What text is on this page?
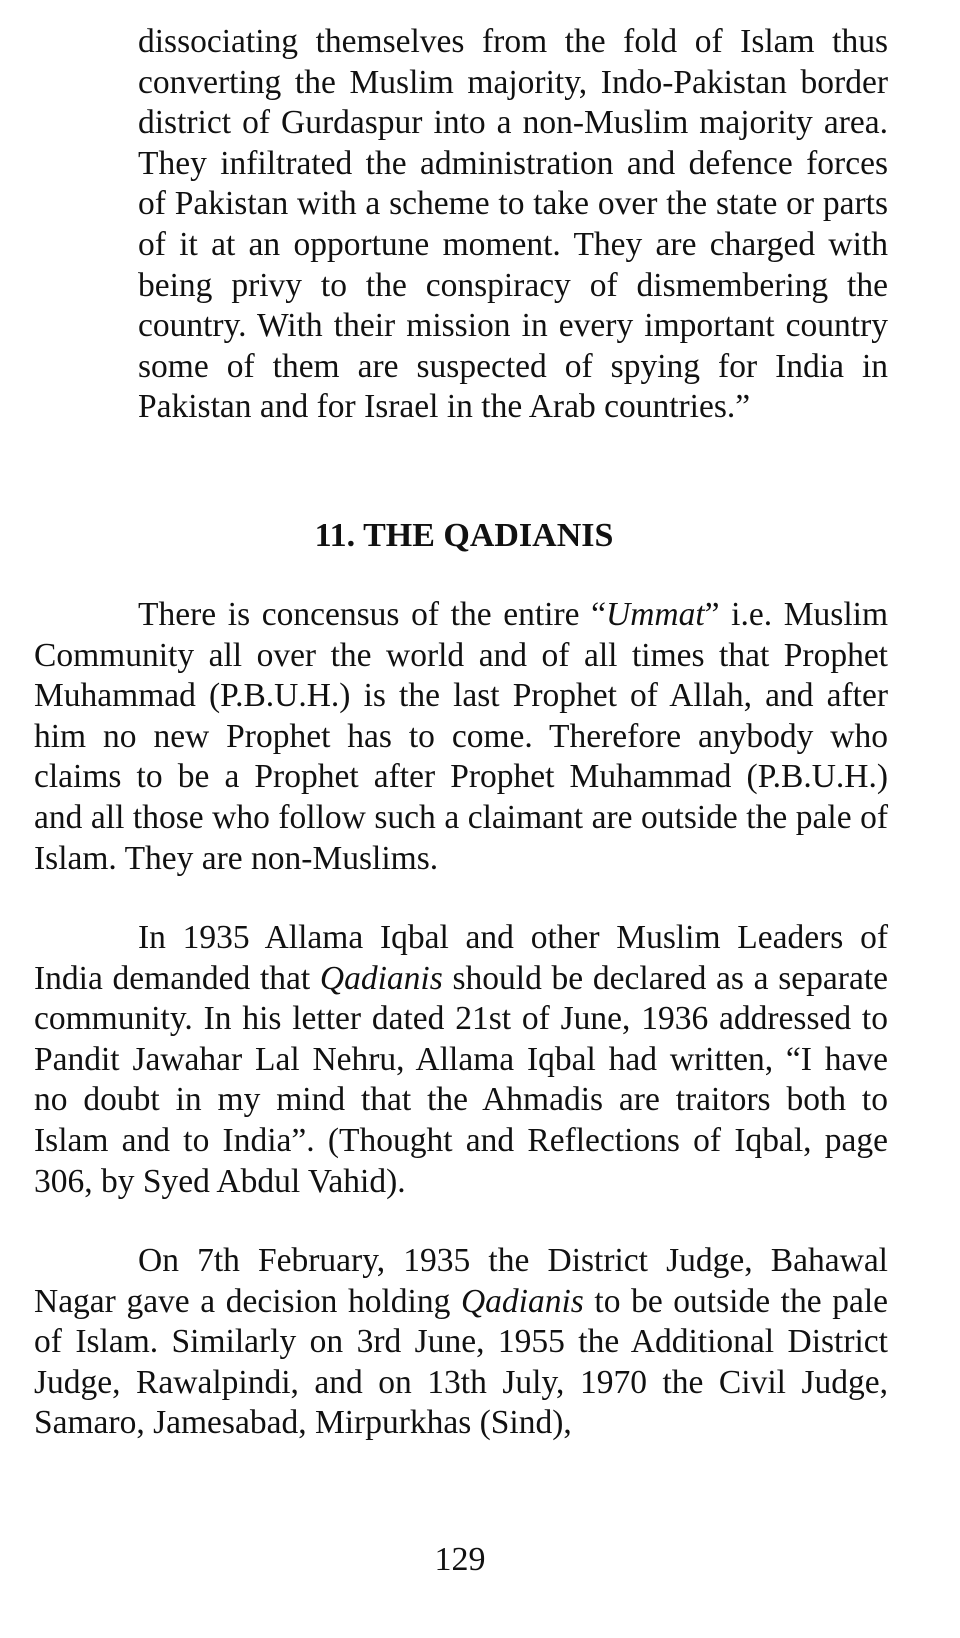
dissociating themselves from the fold of Islam thus converting the Muslim majority, Indo-Pakistan border district of Gurdaspur into a non-Muslim majority area. They infiltrated the administration and defence forces of Pakistan with a scheme to take over the state or parts of it at an opportune moment. They are charged with being privy to the conspiracy of dismembering the country. With their mission in every important country some of them are suspected of spying for India in Pakistan and for Israel in the Arab countries.”

11. THE QADIANIS

There is concensus of the entire “Ummat” i.e. Muslim Community all over the world and of all times that Prophet Muhammad (P.B.U.H.) is the last Prophet of Allah, and after him no new Prophet has to come. Therefore anybody who claims to be a Prophet after Prophet Muhammad (P.B.U.H.) and all those who follow such a claimant are outside the pale of Islam. They are non-Muslims.

In 1935 Allama Iqbal and other Muslim Leaders of India demanded that Qadianis should be declared as a separate community. In his letter dated 21st of June, 1936 addressed to Pandit Jawahar Lal Nehru, Allama Iqbal had written, “I have no doubt in my mind that the Ahmadis are traitors both to Islam and to India”. (Thought and Reflections of Iqbal, page 306, by Syed Abdul Vahid).

On 7th February, 1935 the District Judge, Bahawal Nagar gave a decision holding Qadianis to be outside the pale of Islam. Similarly on 3rd June, 1955 the Additional District Judge, Rawalpindi, and on 13th July, 1970 the Civil Judge, Samaro, Jamesabad, Mirpurkhas (Sind),

129
